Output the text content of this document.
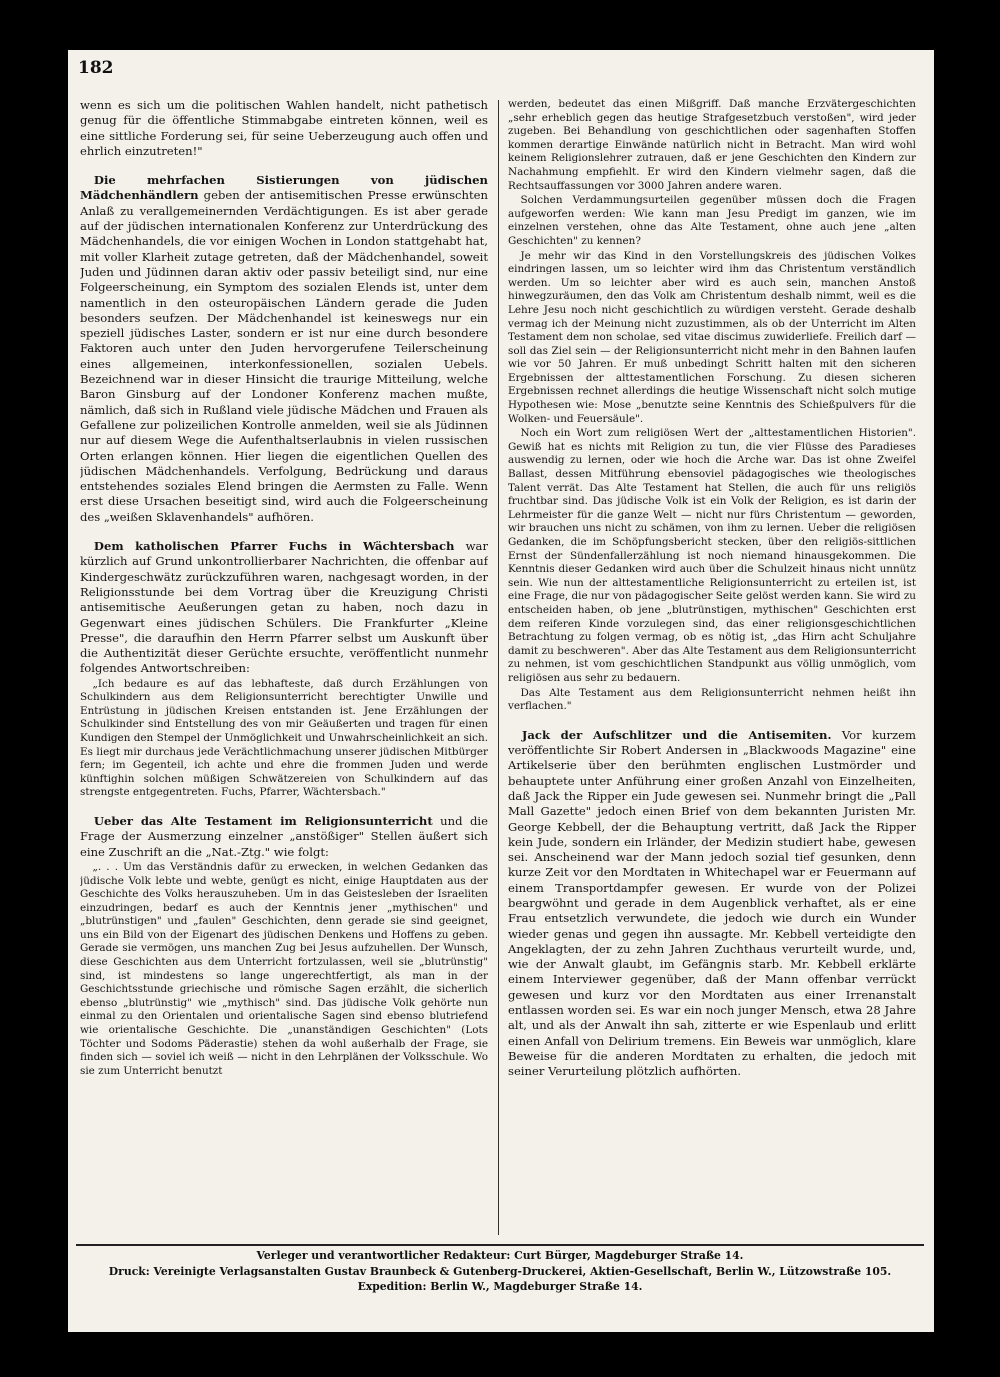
182

wenn es sich um die politischen Wahlen handelt, nicht pathetisch genug für die öffentliche Stimmabgabe eintreten können, weil es eine sittliche Forderung sei, für seine Ueberzeugung auch offen und ehrlich einzutreten!"

Die mehrfachen Sistierungen von jüdischen Mädchenhändlern geben der antisemitischen Presse erwünschten Anlaß zu verallgemeinernden Verdächtigungen. Es ist aber gerade auf der jüdischen internationalen Konferenz zur Unterdrückung des Mädchenhandels, die vor einigen Wochen in London stattgehabt hat, mit voller Klarheit zutage getreten, daß der Mädchenhandel, soweit Juden und Jüdinnen daran aktiv oder passiv beteiligt sind, nur eine Folgeerscheinung, ein Symptom des sozialen Elends ist, unter dem namentlich in den osteuropäischen Ländern gerade die Juden besonders seufzen. Der Mädchenhandel ist keineswegs nur ein speziell jüdisches Laster, sondern er ist nur eine durch besondere Faktoren auch unter den Juden hervorgerufene Teilerscheinung eines allgemeinen, interkonfessionellen, sozialen Uebels. Bezeichnend war in dieser Hinsicht die traurige Mitteilung, welche Baron Ginsburg auf der Londoner Konferenz machen mußte, nämlich, daß sich in Rußland viele jüdische Mädchen und Frauen als Gefallene zur polizeilichen Kontrolle anmelden, weil sie als Jüdinnen nur auf diesem Wege die Aufenthaltserlaubnis in vielen russischen Orten erlangen können. Hier liegen die eigentlichen Quellen des jüdischen Mädchenhandels. Verfolgung, Bedrückung und daraus entstehendes soziales Elend bringen die Aermsten zu Falle. Wenn erst diese Ursachen beseitigt sind, wird auch die Folgeerscheinung des „weißen Sklavenhandels" aufhören.

Dem katholischen Pfarrer Fuchs in Wächtersbach war kürzlich auf Grund unkontrollierbarer Nachrichten, die offenbar auf Kindergeschwätz zurückzuführen waren, nachgesagt worden, in der Religionsstunde bei dem Vortrag über die Kreuzigung Christi antisemitische Aeußerungen getan zu haben, noch dazu in Gegenwart eines jüdischen Schülers. Die Frankfurter „Kleine Presse", die daraufhin den Herrn Pfarrer selbst um Auskunft über die Authentizität dieser Gerüchte ersuchte, veröffentlicht nunmehr folgendes Antwortschreiben:

„Ich bedaure es auf das lebhafteste, daß durch Erzählungen von Schulkindern aus dem Religionsunterricht berechtigter Unwille und Entrüstung in jüdischen Kreisen entstanden ist. Jene Erzählungen der Schulkinder sind Entstellung des von mir Geäußerten und tragen für einen Kundigen den Stempel der Unmöglichkeit und Unwahrscheinlichkeit an sich. Es liegt mir durchaus jede Verächtlichmachung unserer jüdischen Mitbürger fern; im Gegenteil, ich achte und ehre die frommen Juden und werde künftighin solchen müßigen Schwätzereien von Schulkindern auf das strengste entgegentreten. Fuchs, Pfarrer, Wächtersbach."

Ueber das Alte Testament im Religionsunterricht und die Frage der Ausmerzung einzelner „anstößiger" Stellen äußert sich eine Zuschrift an die „Nat.-Ztg." wie folgt:

„. . . Um das Verständnis dafür zu erwecken, in welchen Gedanken das jüdische Volk lebte und webte, genügt es nicht, einige Hauptdaten aus der Geschichte des Volks herauszuheben. Um in das Geistesleben der Israeliten einzudringen, bedarf es auch der Kenntnis jener „mythischen" und „blutrünstigen" und „faulen" Geschichten, denn gerade sie sind geeignet, uns ein Bild von der Eigenart des jüdischen Denkens und Hoffens zu geben. Gerade sie vermögen, uns manchen Zug bei Jesus aufzuhellen. Der Wunsch, diese Geschichten aus dem Unterricht fortzulassen, weil sie „blutrünstig" sind, ist mindestens so lange ungerechtfertigt, als man in der Geschichtsstunde griechische und römische Sagen erzählt, die sicherlich ebenso „blutrünstig" wie „mythisch" sind. Das jüdische Volk gehörte nun einmal zu den Orientalen und orientalische Sagen sind ebenso blutriefend wie orientalische Geschichte. Die „unanständigen Geschichten" (Lots Töchter und Sodoms Päderastie) stehen da wohl außerhalb der Frage, sie finden sich — soviel ich weiß — nicht in den Lehrplänen der Volksschule. Wo sie zum Unterricht benutzt

werden, bedeutet das einen Mißgriff. Daß manche Erzvätergeschichten „sehr erheblich gegen das heutige Strafgesetzbuch verstoßen", wird jeder zugeben. Bei Behandlung von geschichtlichen oder sagenhaften Stoffen kommen derartige Einwände natürlich nicht in Betracht. Man wird wohl keinem Religionslehrer zutrauen, daß er jene Geschichten den Kindern zur Nachahmung empfiehlt. Er wird den Kindern vielmehr sagen, daß die Rechtsauffassungen vor 3000 Jahren andere waren.

Solchen Verdammungsurteilen gegenüber müssen doch die Fragen aufgeworfen werden: Wie kann man Jesu Predigt im ganzen, wie im einzelnen verstehen, ohne das Alte Testament, ohne auch jene „alten Geschichten" zu kennen?

Je mehr wir das Kind in den Vorstellungskreis des jüdischen Volkes eindringen lassen, um so leichter wird ihm das Christentum verständlich werden. Um so leichter aber wird es auch sein, manchen Anstoß hinwegzuräumen, den das Volk am Christentum deshalb nimmt, weil es die Lehre Jesu noch nicht geschichtlich zu würdigen versteht. Gerade deshalb vermag ich der Meinung nicht zuzustimmen, als ob der Unterricht im Alten Testament dem non scholae, sed vitae discimus zuwiderliefe. Freilich darf — soll das Ziel sein — der Religionsunterricht nicht mehr in den Bahnen laufen wie vor 50 Jahren. Er muß unbedingt Schritt halten mit den sicheren Ergebnissen der alttestamentlichen Forschung. Zu diesen sicheren Ergebnissen rechnet allerdings die heutige Wissenschaft nicht solch mutige Hypothesen wie: Mose „benutzte seine Kenntnis des Schießpulvers für die Wolken- und Feuersäule".

Noch ein Wort zum religiösen Wert der „alttestamentlichen Historien". Gewiß hat es nichts mit Religion zu tun, die vier Flüsse des Paradieses auswendig zu lernen, oder wie hoch die Arche war. Das ist ohne Zweifel Ballast, dessen Mitführung ebensoviel pädagogisches wie theologisches Talent verrät. Das Alte Testament hat Stellen, die auch für uns religiös fruchtbar sind. Das jüdische Volk ist ein Volk der Religion, es ist darin der Lehrmeister für die ganze Welt — nicht nur fürs Christentum — geworden, wir brauchen uns nicht zu schämen, von ihm zu lernen. Ueber die religiösen Gedanken, die im Schöpfungsbericht stecken, über den religiös-sittlichen Ernst der Sündenfallerzählung ist noch niemand hinausgekommen. Die Kenntnis dieser Gedanken wird auch über die Schulzeit hinaus nicht unnütz sein. Wie nun der alttestamentliche Religionsunterricht zu erteilen ist, ist eine Frage, die nur von pädagogischer Seite gelöst werden kann. Sie wird zu entscheiden haben, ob jene „blutrünstigen, mythischen" Geschichten erst dem reiferen Kinde vorzulegen sind, das einer religionsgeschichtlichen Betrachtung zu folgen vermag, ob es nötig ist, „das Hirn acht Schuljahre damit zu beschweren". Aber das Alte Testament aus dem Religionsunterricht zu nehmen, ist vom geschichtlichen Standpunkt aus völlig unmöglich, vom religiösen aus sehr zu bedauern.

Das Alte Testament aus dem Religionsunterricht nehmen heißt ihn verflachen."

Jack der Aufschlitzer und die Antisemiten. Vor kurzem veröffentlichte Sir Robert Andersen in „Blackwoods Magazine" eine Artikelserie über den berühmten englischen Lustmörder und behauptete unter Anführung einer großen Anzahl von Einzelheiten, daß Jack the Ripper ein Jude gewesen sei. Nunmehr bringt die „Pall Mall Gazette" jedoch einen Brief von dem bekannten Juristen Mr. George Kebbell, der die Behauptung vertritt, daß Jack the Ripper kein Jude, sondern ein Irländer, der Medizin studiert habe, gewesen sei. Anscheinend war der Mann jedoch sozial tief gesunken, denn kurze Zeit vor den Mordtaten in Whitechapel war er Feuermann auf einem Transportdampfer gewesen. Er wurde von der Polizei beargwöhnt und gerade in dem Augenblick verhaftet, als er eine Frau entsetzlich verwundete, die jedoch wie durch ein Wunder wieder genas und gegen ihn aussagte. Mr. Kebbell verteidigte den Angeklagten, der zu zehn Jahren Zuchthaus verurteilt wurde, und, wie der Anwalt glaubt, im Gefängnis starb. Mr. Kebbell erklärte einem Interviewer gegenüber, daß der Mann offenbar verrückt gewesen und kurz vor den Mordtaten aus einer Irrenanstalt entlassen worden sei. Es war ein noch junger Mensch, etwa 28 Jahre alt, und als der Anwalt ihn sah, zitterte er wie Espenlaub und erlitt einen Anfall von Delirium tremens. Ein Beweis war unmöglich, klare Beweise für die anderen Mordtaten zu erhalten, die jedoch mit seiner Verurteilung plötzlich aufhörten.

Verleger und verantwortlicher Redakteur: Curt Bürger, Magdeburger Straße 14.
Druck: Vereinigte Verlagsanstalten Gustav Braunbeck & Gutenberg-Druckerei, Aktien-Gesellschaft, Berlin W., Lützowstraße 105.
Expedition: Berlin W., Magdeburger Straße 14.
